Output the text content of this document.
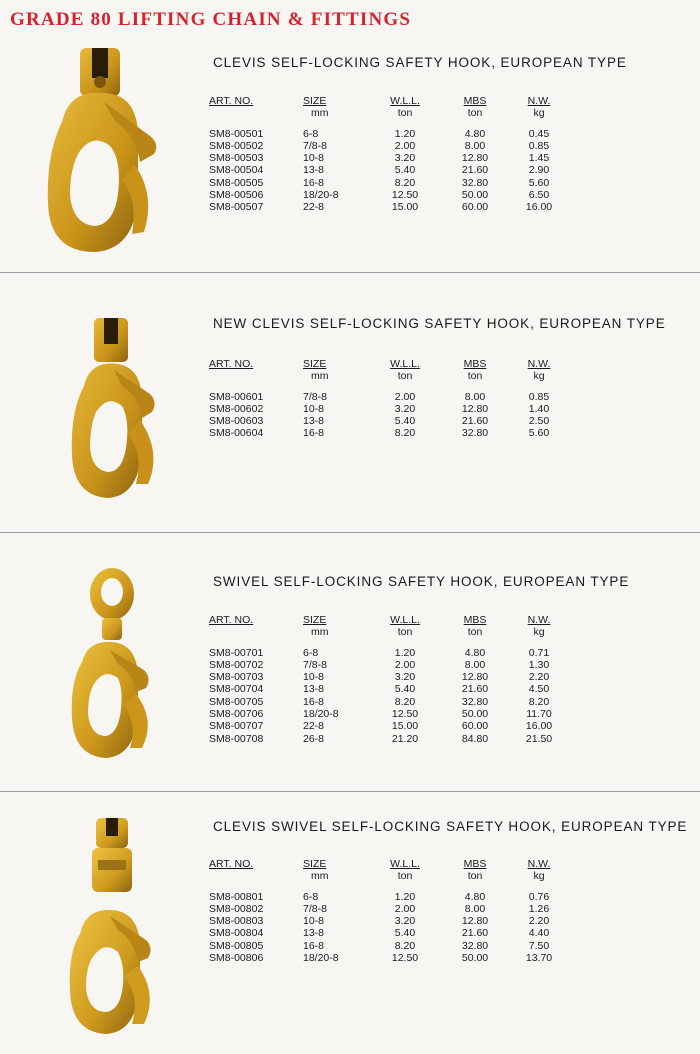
GRADE 80 LIFTING CHAIN & FITTINGS
CLEVIS SELF-LOCKING SAFETY HOOK, EUROPEAN TYPE
ART. NO.	SIZE	W.L.L.	MBS	N.W.
	mm	ton	ton	kg
SM8-00501	6-8	1.20	4.80	0.45
SM8-00502	7/8-8	2.00	8.00	0.85
SM8-00503	10-8	3.20	12.80	1.45
SM8-00504	13-8	5.40	21.60	2.90
SM8-00505	16-8	8.20	32.80	5.60
SM8-00506	18/20-8	12.50	50.00	6.50
SM8-00507	22-8	15.00	60.00	16.00
NEW CLEVIS SELF-LOCKING SAFETY HOOK, EUROPEAN TYPE
ART. NO.	SIZE	W.L.L.	MBS	N.W.
	mm	ton	ton	kg
SM8-00601	7/8-8	2.00	8.00	0.85
SM8-00602	10-8	3.20	12.80	1.40
SM8-00603	13-8	5.40	21.60	2.50
SM8-00604	16-8	8.20	32.80	5.60
SWIVEL SELF-LOCKING SAFETY HOOK, EUROPEAN TYPE
ART. NO.	SIZE	W.L.L.	MBS	N.W.
	mm	ton	ton	kg
SM8-00701	6-8	1.20	4.80	0.71
SM8-00702	7/8-8	2.00	8.00	1.30
SM8-00703	10-8	3.20	12.80	2.20
SM8-00704	13-8	5.40	21.60	4.50
SM8-00705	16-8	8.20	32.80	8.20
SM8-00706	18/20-8	12.50	50.00	11.70
SM8-00707	22-8	15.00	60.00	16.00
SM8-00708	26-8	21.20	84.80	21.50
CLEVIS SWIVEL SELF-LOCKING SAFETY HOOK, EUROPEAN TYPE
ART. NO.	SIZE	W.L.L.	MBS	N.W.
	mm	ton	ton	kg
SM8-00801	6-8	1.20	4.80	0.76
SM8-00802	7/8-8	2.00	8.00	1.26
SM8-00803	10-8	3.20	12.80	2.20
SM8-00804	13-8	5.40	21.60	4.40
SM8-00805	16-8	8.20	32.80	7.50
SM8-00806	18/20-8	12.50	50.00	13.70
